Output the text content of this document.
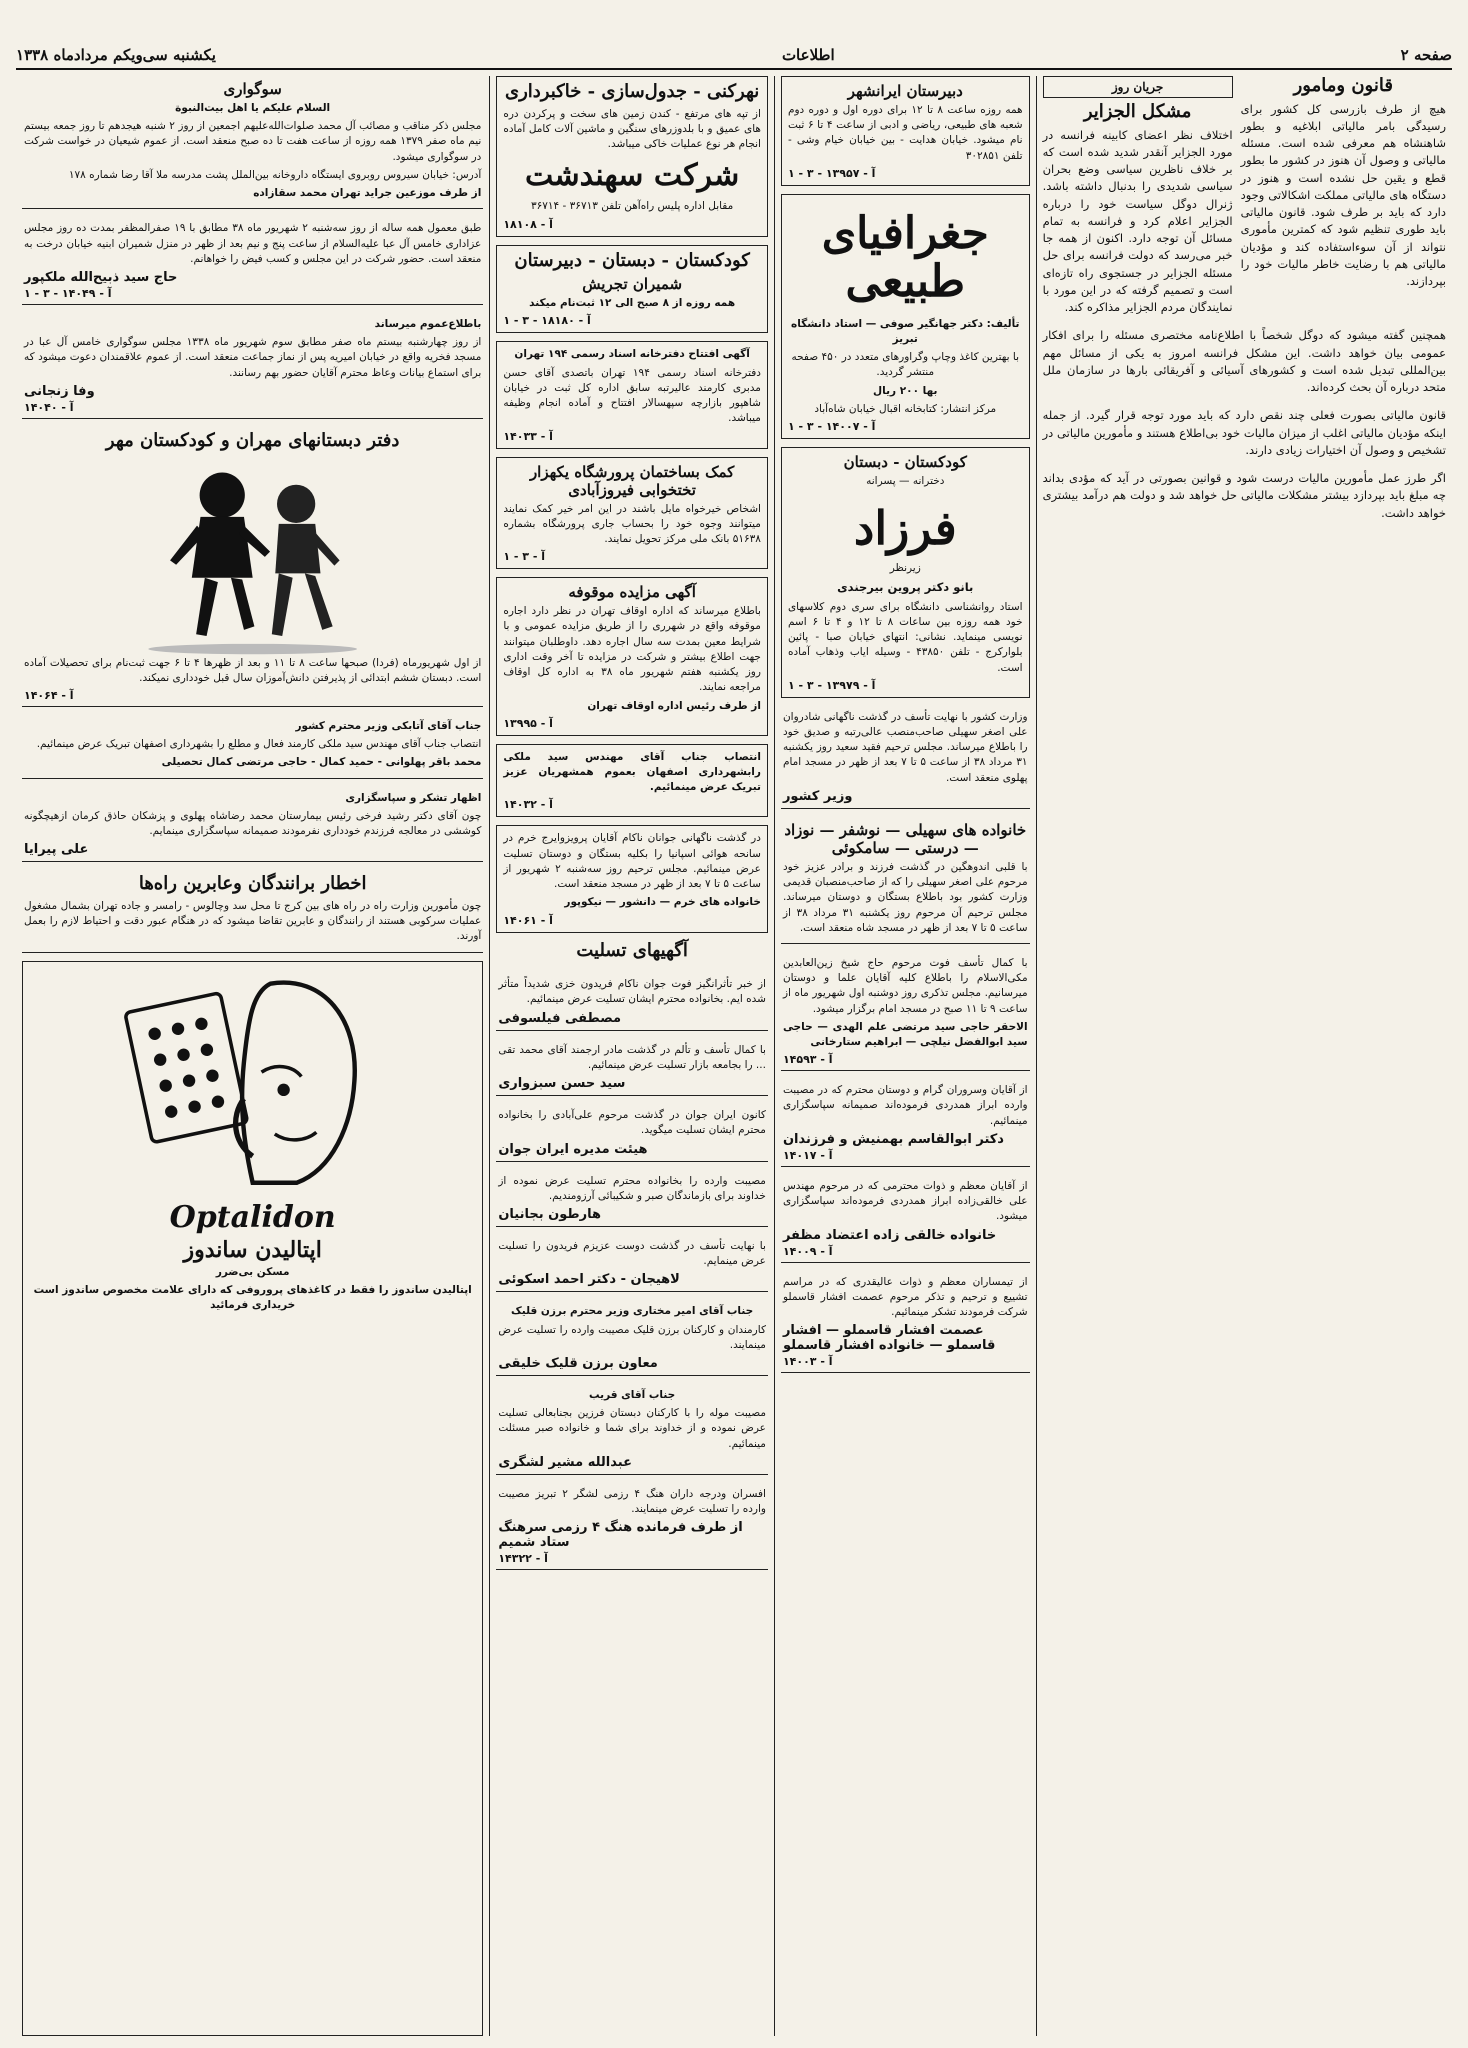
صفحه ۲
اطلاعات
یکشنبه سی‌ویکم مردادماه ۱۳۳۸
قانون ومامور

هیچ از طرف بازرسی کل کشور برای رسیدگی بامر مالیاتی ابلاغیه و بطور شاهنشاه هم معرفی شده است. مسئله مالیاتی و وصول آن هنوز در کشور ما بطور قطع و یقین حل نشده است و هنوز در دستگاه های مالیاتی مملکت اشکالاتی وجود دارد که باید بر طرف شود. قانون مالیاتی باید طوری تنظیم شود که کمترین مأموری نتواند از آن سوءاستفاده کند و مؤدیان مالیاتی هم با رضایت خاطر مالیات خود را بپردازند.

جریان روز
مشکل الجزایر

اختلاف نظر اعضای کابینه فرانسه در مورد الجزایر آنقدر شدید شده است که بر خلاف ناظرین سیاسی وضع بحران سیاسی شدیدی را بدنبال داشته باشد. ژنرال دوگل سیاست خود را درباره الجزایر اعلام کرد و فرانسه به تمام مسائل آن توجه دارد. اکنون از همه جا خبر می‌رسد که دولت فرانسه برای حل مسئله الجزایر در جستجوی راه تازه‌ای است و تصمیم گرفته که در این مورد با نمایندگان مردم الجزایر مذاکره کند.

همچنین گفته میشود که دوگل شخصاً با اطلاع‌نامه مختصری مسئله را برای افکار عمومی بیان خواهد داشت. این مشکل فرانسه امروز به یکی از مسائل مهم بین‌المللی تبدیل شده است و کشورهای آسیائی و آفریقائی بارها در سازمان ملل متحد درباره آن بحث کرده‌اند.

قانون مالیاتی بصورت فعلی چند نقص دارد که باید مورد توجه قرار گیرد. از جمله اینکه مؤدیان مالیاتی اغلب از میزان مالیات خود بی‌اطلاع هستند و مأمورین مالیاتی در تشخیص و وصول آن اختیارات زیادی دارند.

اگر طرز عمل مأمورین مالیات درست شود و قوانین بصورتی در آید که مؤدی بداند چه مبلغ باید بپردازد بیشتر مشکلات مالیاتی حل خواهد شد و دولت هم درآمد بیشتری خواهد داشت.

دبیرستان ایرانشهر

همه روزه ساعت ۸ تا ۱۲ برای دوره اول و دوره دوم شعبه های طبیعی، ریاضی و ادبی از ساعت ۴ تا ۶ ثبت نام میشود. خیابان هدایت - بین خیابان خیام وشی - تلفن ۳۰۲۸۵۱

آ - ۱۳۹۵۷ - ۳ - ۱
جغرافیای طبیعی

تألیف: دکتر جهانگیر صوفی — استاد دانشگاه تبریز

با بهترین کاغذ وچاپ وگراورهای متعدد در ۴۵۰ صفحه منتشر گردید.

بها ۲۰۰ ریال

مرکز انتشار: کتابخانه اقبال خیابان شاه‌آباد

آ - ۱۴۰۰۷ - ۳ - ۱
کودکستان - دبستان

دخترانه — پسرانه

فرزاد

زیرنظر

بانو دکتر پروین بیرجندی

استاد روانشناسی دانشگاه برای سری دوم کلاسهای خود همه روزه بین ساعات ۸ تا ۱۲ و ۴ تا ۶ اسم نویسی مینماید. نشانی: انتهای خیابان صبا - پائین بلوارکرج - تلفن ۴۳۸۵۰ - وسیله ایاب وذهاب آماده است.

آ - ۱۳۹۷۹ - ۳ - ۱

وزارت کشور با نهایت تأسف در گذشت ناگهانی شادروان علی اصغر سهیلی صاحب‌منصب عالی‌رتبه و صدیق خود را باطلاع میرساند. مجلس ترحیم فقید سعید روز یکشنبه ۳۱ مرداد ۳۸ از ساعت ۵ تا ۷ بعد از ظهر در مسجد امام پهلوی منعقد است.

وزیر کشور
خانواده های سهیلی — نوشفر — نوزاد — درستی — سامکوئی

با قلبی اندوهگین در گذشت فرزند و برادر عزیز خود مرحوم علی اصغر سهیلی را که از صاحب‌منصبان قدیمی وزارت کشور بود باطلاع بستگان و دوستان میرساند. مجلس ترحیم آن مرحوم روز یکشنبه ۳۱ مرداد ۳۸ از ساعت ۵ تا ۷ بعد از ظهر در مسجد شاه منعقد است.

با کمال تأسف فوت مرحوم حاج شیخ زین‌العابدین مکی‌الاسلام را باطلاع کلیه آقایان علما و دوستان میرسانیم. مجلس تذکری روز دوشنبه اول شهریور ماه از ساعت ۹ تا ۱۱ صبح در مسجد امام برگزار میشود.

الاحقر حاجی سید مرتضی علم الهدی — حاجی سید ابوالفضل نیلچی — ابراهیم ستارخانی

آ - ۱۴۵۹۳

از آقایان وسروران گرام و دوستان محترم که در مصیبت وارده ابراز همدردی فرموده‌اند صمیمانه سپاسگزاری مینمائیم.

دکتر ابوالقاسم بهمنیش و فرزندان
آ - ۱۴۰۱۷

از آقایان معظم و ذوات محترمی که در مرحوم مهندس علی خالقی‌زاده ابراز همدردی فرموده‌اند سپاسگزاری میشود.

خانواده خالقی زاده اعتضاد مظفر
آ - ۱۴۰۰۹

از تیمساران معظم و ذوات عالیقدری که در مراسم تشییع و ترحیم و تذکر مرحوم عصمت افشار قاسملو شرکت فرمودند تشکر مینمائیم.

عصمت افشار قاسملو — افشار قاسملو — خانواده افشار قاسملو
آ - ۱۴۰۰۳
نهرکنی - جدول‌سازی - خاکبرداری

از تپه های مرتفع - کندن زمین های سخت و پرکردن دره های عمیق و با بلدوزرهای سنگین و ماشین آلات کامل آماده انجام هر نوع عملیات خاکی میباشد.

شرکت سهندشت

مقابل اداره پلیس راه‌آهن تلفن ۳۶۷۱۳ - ۳۶۷۱۴

آ - ۱۸۱۰۸
کودکستان - دبستان - دبیرستان
شمیران تجریش

همه روزه از ۸ صبح الی ۱۲ ثبت‌نام میکند

آ - ۱۸۱۸۰ - ۳ - ۱

آگهی افتتاح دفترخانه اسناد رسمی ۱۹۴ تهران

دفترخانه اسناد رسمی ۱۹۴ تهران باتصدی آقای حسن مدبری کارمند عالیرتبه سابق اداره کل ثبت در خیابان شاهپور بازارچه سپهسالار افتتاح و آماده انجام وظیفه میباشد.

آ - ۱۴۰۳۳
کمک بساختمان پرورشگاه یکهزار تختخوابی فیروزآبادی

اشخاص خیرخواه مایل باشند در این امر خیر کمک نمایند میتوانند وجوه خود را بحساب جاری پرورشگاه بشماره ۵۱۶۳۸ بانک ملی مرکز تحویل نمایند.

آ - ۳ - ۱
آگهی مزایده موقوفه

باطلاع میرساند که اداره اوقاف تهران در نظر دارد اجاره موقوفه واقع در شهرری را از طریق مزایده عمومی و با شرایط معین بمدت سه سال اجاره دهد. داوطلبان میتوانند جهت اطلاع بیشتر و شرکت در مزایده تا آخر وقت اداری روز یکشنبه هفتم شهریور ماه ۳۸ به اداره کل اوقاف مراجعه نمایند.

از طرف رئیس اداره اوقاف تهران

آ - ۱۳۹۹۵

انتصاب جناب آقای مهندس سید ملکی رابشهرداری اصفهان بعموم همشهریان عزیز تبریک عرض مینمائیم.

آ - ۱۴۰۳۲

در گذشت ناگهانی جوانان ناکام آقایان پرویزوایرج خرم در سانحه هوائی اسپانیا را بکلیه بستگان و دوستان تسلیت عرض مینمائیم. مجلس ترحیم روز سه‌شنبه ۲ شهریور از ساعت ۵ تا ۷ بعد از ظهر در مسجد منعقد است.

خانواده های خرم — دانشور — نیکوپور

آ - ۱۴۰۶۱
آگهیهای تسلیت

از خبر تأثرانگیز فوت جوان ناکام فریدون خزی شدیداً متأثر شده ایم. بخانواده محترم ایشان تسلیت عرض مینمائیم.

مصطفی فیلسوفی

با کمال تأسف و تألم در گذشت مادر ارجمند آقای محمد تقی ... را بجامعه بازار تسلیت عرض مینمائیم.

سید حسن سبزواری

کانون ایران جوان در گذشت مرحوم علی‌آبادی را بخانواده محترم ایشان تسلیت میگوید.

هیئت مدیره ایران جوان

مصیبت وارده را بخانواده محترم تسلیت عرض نموده از خداوند برای بازماندگان صبر و شکیبائی آرزومندیم.

هارطون بجانیان

با نهایت تأسف در گذشت دوست عزیزم فریدون را تسلیت عرض مینمایم.

لاهیجان - دکتر احمد اسکوئی

جناب آقای امیر مختاری وزیر محترم برزن قلیک

کارمندان و کارکنان برزن قلیک مصیبت وارده را تسلیت عرض مینمایند.

معاون برزن قلیک خلیقی

جناب آقای قریب

مصیبت موله را با کارکنان دبستان فرزین بجنابعالی تسلیت عرض نموده و از خداوند برای شما و خانواده صبر مسئلت مینمائیم.

عبدالله مشیر لشگری

افسران ودرجه داران هنگ ۴ رزمی لشگر ۲ تبریز مصیبت وارده را تسلیت عرض مینمایند.

از طرف فرمانده هنگ ۴ رزمی سرهنگ ستاد شمیم
آ - ۱۴۳۲۲
سوگواری

السلام علیکم یا اهل بیت‌النبوة

مجلس ذکر مناقب و مصائب آل محمد صلوات‌الله‌علیهم اجمعین از روز ۲ شنبه هیجدهم تا روز جمعه بیستم نیم ماه صفر ۱۳۷۹ همه روزه از ساعت هفت تا ده صبح منعقد است. از عموم شیعیان در خواست شرکت در سوگواری میشود.

آدرس: خیابان سیروس روبروی ایستگاه داروخانه بین‌الملل پشت مدرسه ملا آقا رضا شماره ۱۷۸

از طرف موزعین جراید تهران محمد سقازاده

طبق معمول همه ساله از روز سه‌شنبه ۲ شهریور ماه ۳۸ مطابق با ۱۹ صفرالمظفر بمدت ده روز مجلس عزاداری خامس آل عبا علیه‌السلام از ساعت پنج و نیم بعد از ظهر در منزل شمیران ابنیه خیابان درخت به منعقد است. حضور شرکت در این مجلس و کسب فیض را خواهانم.

حاج سید ذبیح‌الله ملکپور
آ - ۱۴۰۴۹ - ۳ - ۱

باطلاع‌عموم میرساند

از روز چهارشنبه بیستم ماه صفر مطابق سوم شهریور ماه ۱۳۳۸ مجلس سوگواری خامس آل عبا در مسجد فخریه واقع در خیابان امیریه پس از نماز جماعت منعقد است. از عموم علاقمندان دعوت میشود که برای استماع بیانات وعاظ محترم آقایان حضور بهم رسانند.

وفا زنجانی
آ - ۱۴۰۴۰
دفتر دبستانهای مهران و کودکستان مهر

از اول شهریورماه (فردا) صبحها ساعت ۸ تا ۱۱ و بعد از ظهرها ۴ تا ۶ جهت ثبت‌نام برای تحصیلات آماده است. دبستان ششم ابتدائی از پذیرفتن دانش‌آموزان سال قبل خودداری نمیکند.

آ - ۱۴۰۶۴

جناب آقای آتابکی وزیر محترم کشور

انتصاب جناب آقای مهندس سید ملکی کارمند فعال و مطلع را بشهرداری اصفهان تبریک عرض مینمائیم.

محمد باقر پهلوانی - حمید کمال - حاجی مرتضی کمال تحصیلی

اظهار تشکر و سپاسگزاری

چون آقای دکتر رشید فرخی رئیس بیمارستان محمد رضاشاه پهلوی و پزشکان حاذق کرمان ازهیچگونه کوششی در معالجه فرزندم خودداری نفرمودند صمیمانه سپاسگزاری مینمایم.

علی پیرایا
اخطار برانندگان وعابرین راه‌ها

چون مأمورین وزارت راه در راه های بین کرج تا محل سد وچالوس - رامسر و جاده تهران بشمال مشغول عملیات سرکوبی هستند از رانندگان و عابرین تقاضا میشود که در هنگام عبور دقت و احتیاط لازم را بعمل آورند.

Optalidon
اپتالیدن ساندوز

مسکن بی‌ضرر

اپتالیدن ساندوز را فقط در کاغذهای پروروفی که دارای علامت مخصوص ساندوز است خریداری فرمائید
